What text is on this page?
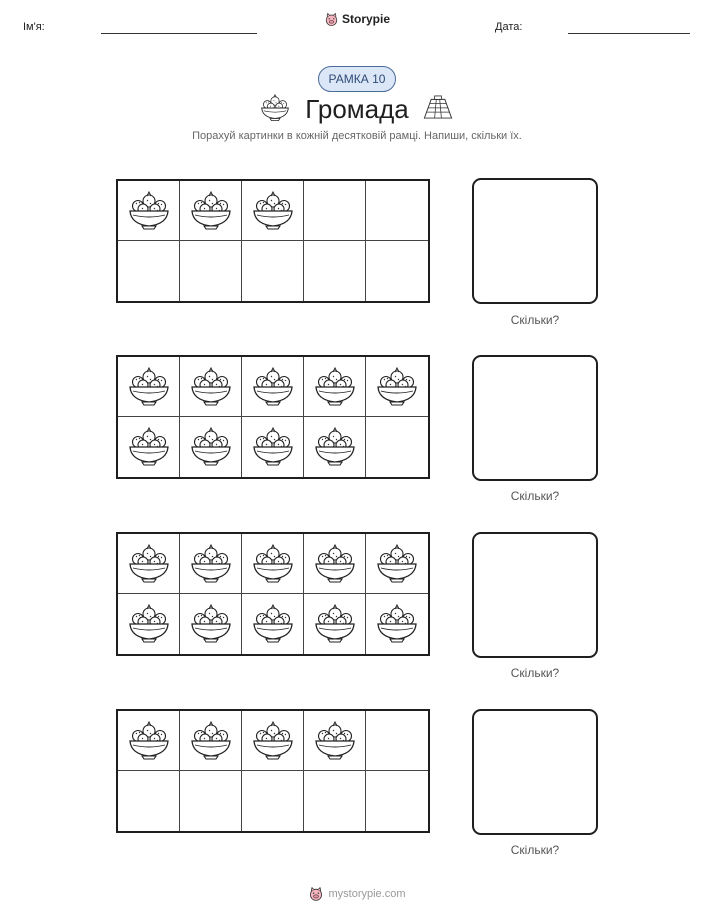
Ім'я:
Storypie
Дата:
РАМКА 10
Громада
Порахуй картинки в кожній десятковій рамці. Напиши, скільки їх.
Скільки?
Скільки?
Скільки?
Скільки?
mystorypie.com
